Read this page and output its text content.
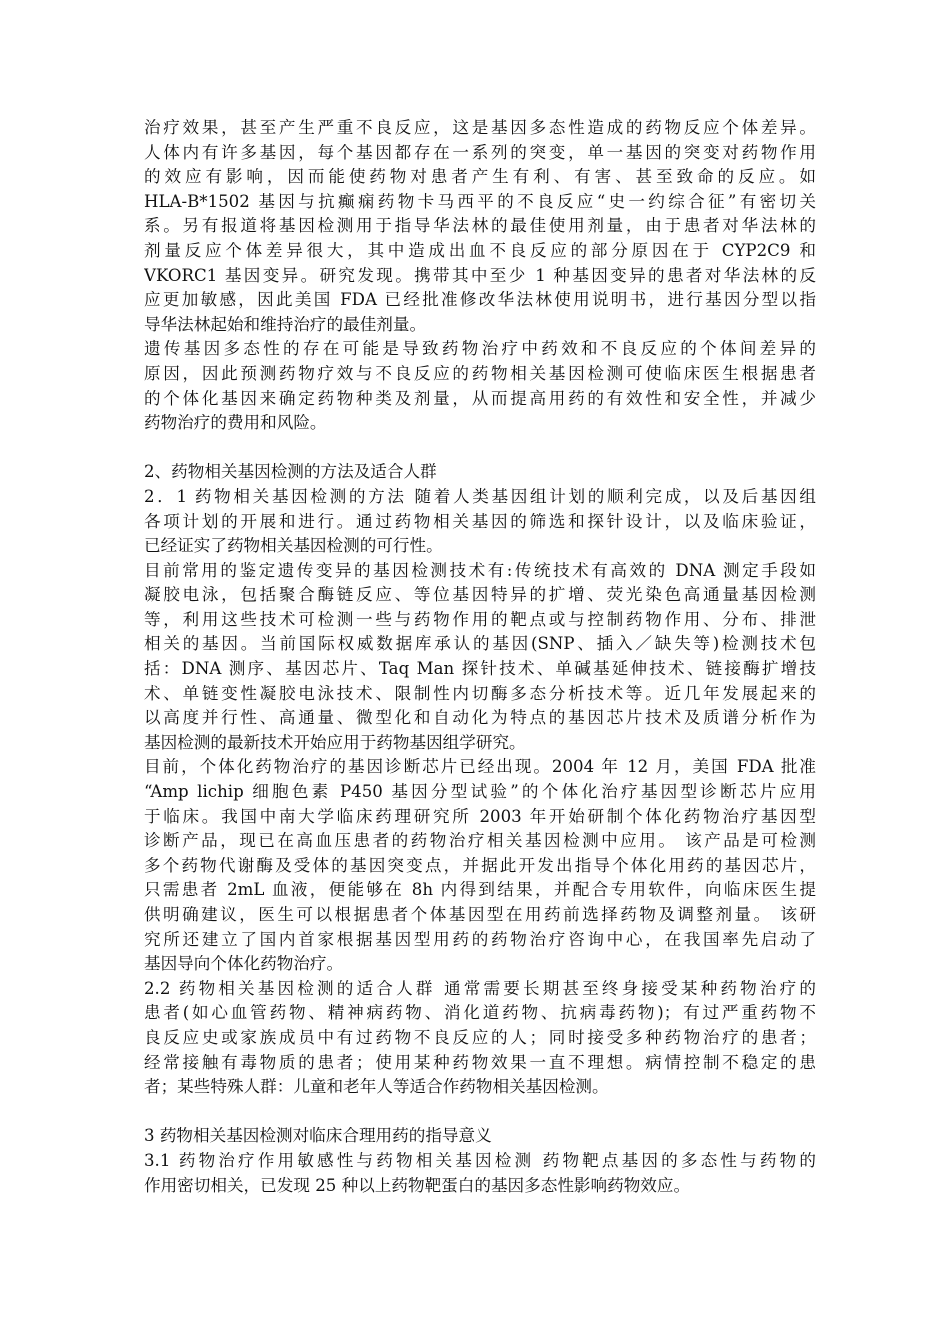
治疗效果，甚至产生严重不良反应，这是基因多态性造成的药物反应个体差异。
人体内有许多基因，每个基因都存在一系列的突变，单一基因的突变对药物作用
的效应有影响，因而能使药物对患者产生有利、有害、甚至致命的反应。如
HLA-B*1502 基因与抗癫痫药物卡马西平的不良反应“史一约综合征”有密切关
系。另有报道将基因检测用于指导华法林的最佳使用剂量，由于患者对华法林的
剂量反应个体差异很大，其中造成出血不良反应的部分原因在于 CYP2C9 和
VKORC1 基因变异。研究发现。携带其中至少 1 种基因变异的患者对华法林的反
应更加敏感，因此美国 FDA 已经批准修改华法林使用说明书，进行基因分型以指
导华法林起始和维持治疗的最佳剂量。
遗传基因多态性的存在可能是导致药物治疗中药效和不良反应的个体间差异的
原因，因此预测药物疗效与不良反应的药物相关基因检测可使临床医生根据患者
的个体化基因来确定药物种类及剂量，从而提高用药的有效性和安全性，并减少
药物治疗的费用和风险。
2、药物相关基因检测的方法及适合人群
2．1 药物相关基因检测的方法 随着人类基因组计划的顺利完成，以及后基因组
各项计划的开展和进行。通过药物相关基因的筛选和探针设计，以及临床验证，
已经证实了药物相关基因检测的可行性。
目前常用的鉴定遗传变异的基因检测技术有:传统技术有高效的 DNA 测定手段如
凝胶电泳，包括聚合酶链反应、等位基因特异的扩增、荧光染色高通量基因检测
等，利用这些技术可检测一些与药物作用的靶点或与控制药物作用、分布、排泄
相关的基因。当前国际权威数据库承认的基因(SNP、插入／缺失等)检测技术包
括：DNA 测序、基因芯片、Taq Man 探针技术、单碱基延伸技术、链接酶扩增技
术、单链变性凝胶电泳技术、限制性内切酶多态分析技术等。近几年发展起来的
以高度并行性、高通量、微型化和自动化为特点的基因芯片技术及质谱分析作为
基因检测的最新技术开始应用于药物基因组学研究。
目前，个体化药物治疗的基因诊断芯片已经出现。2004 年 12 月，美国 FDA 批准
“Amp lichip 细胞色素 P450 基因分型试验”的个体化治疗基因型诊断芯片应用
于临床。我国中南大学临床药理研究所 2003 年开始研制个体化药物治疗基因型
诊断产品，现已在高血压患者的药物治疗相关基因检测中应用。 该产品是可检测
多个药物代谢酶及受体的基因突变点，并据此开发出指导个体化用药的基因芯片，
只需患者 2mL 血液，便能够在 8h 内得到结果，并配合专用软件，向临床医生提
供明确建议，医生可以根据患者个体基因型在用药前选择药物及调整剂量。 该研
究所还建立了国内首家根据基因型用药的药物治疗咨询中心，在我国率先启动了
基因导向个体化药物治疗。
2.2 药物相关基因检测的适合人群 通常需要长期甚至终身接受某种药物治疗的
患者(如心血管药物、精神病药物、消化道药物、抗病毒药物)；有过严重药物不
良反应史或家族成员中有过药物不良反应的人；同时接受多种药物治疗的患者；
经常接触有毒物质的患者；使用某种药物效果一直不理想。病情控制不稳定的患
者；某些特殊人群：儿童和老年人等适合作药物相关基因检测。
3 药物相关基因检测对临床合理用药的指导意义
3.1 药物治疗作用敏感性与药物相关基因检测 药物靶点基因的多态性与药物的
作用密切相关，已发现 25 种以上药物靶蛋白的基因多态性影响药物效应。
